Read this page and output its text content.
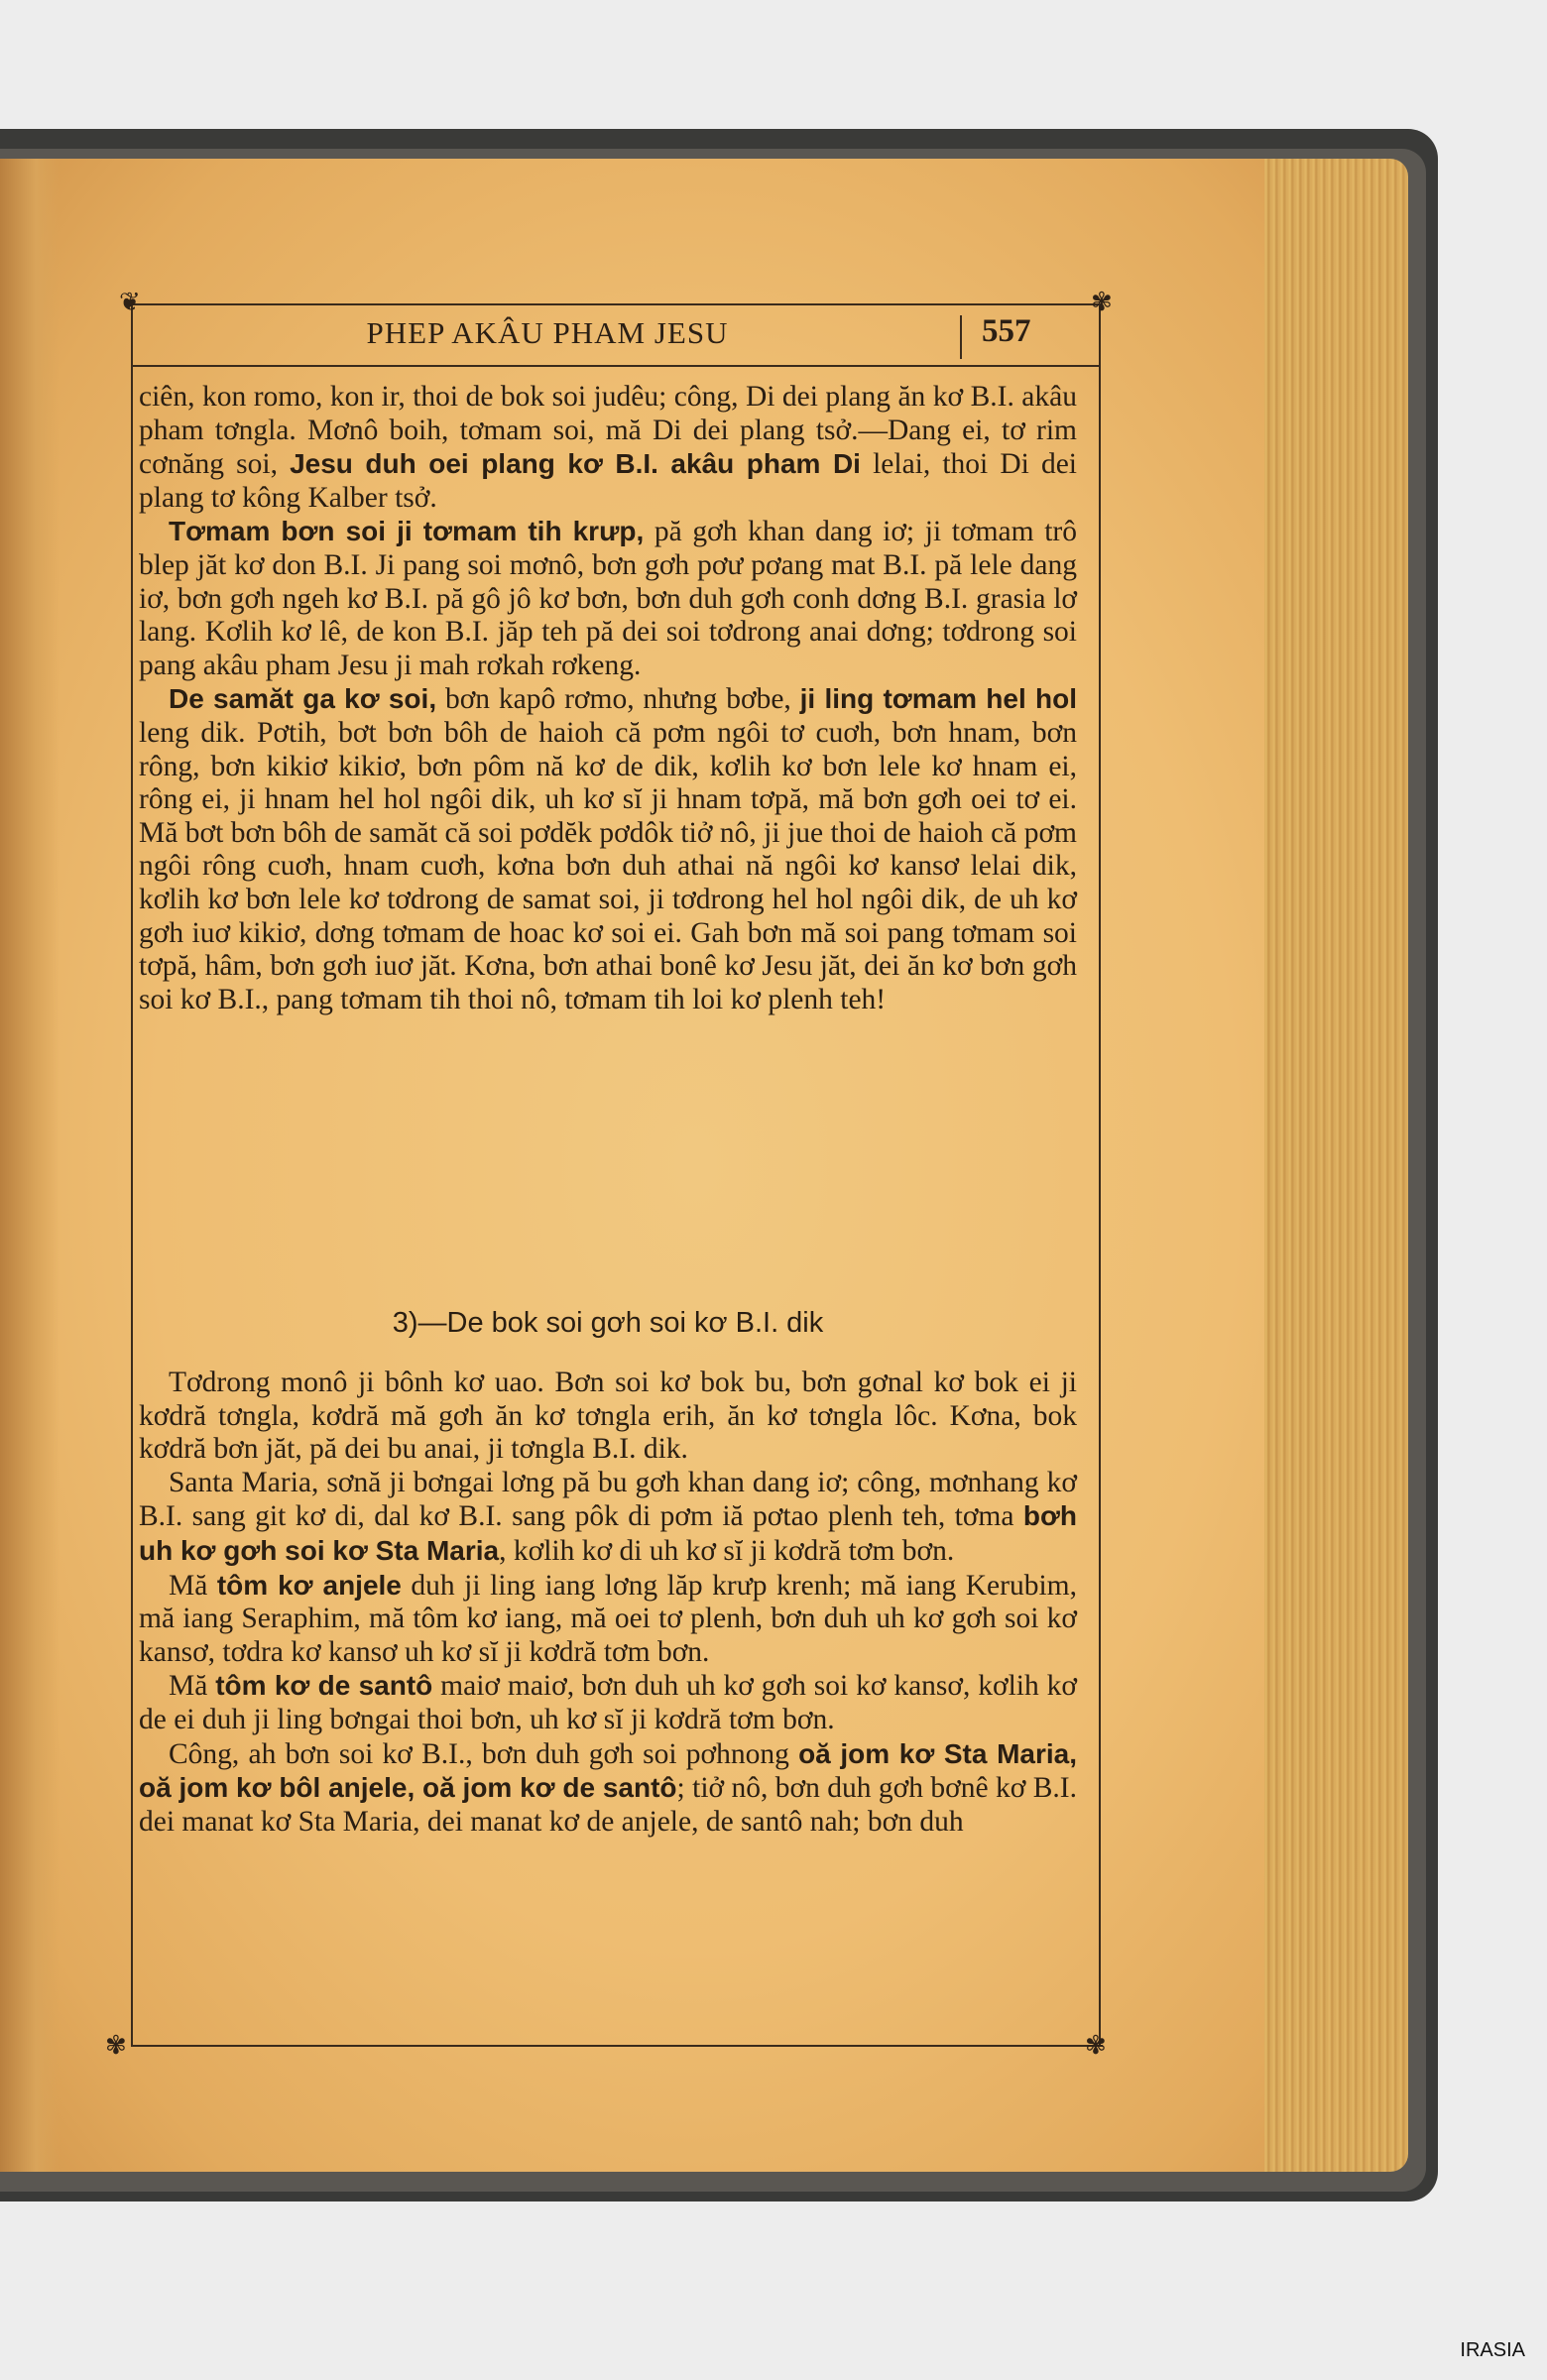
❦	✾
✾	✾
PHEP AKÂU PHAM JESU	557

ciên, kon romo, kon ir, thoi de bok soi judêu; công, Di dei plang ăn kơ B.I. akâu pham tơngla. Mơnô boih, tơmam soi, mă Di dei plang tsở.—Dang ei, tơ rim cơnăng soi, Jesu duh oei plang kơ B.I. akâu pham Di lelai, thoi Di dei plang tơ kông Kalber tsở.

Tơmam bơn soi ji tơmam tih krưp, pă gơh khan dang iơ; ji tơmam trô blep jăt kơ don B.I. Ji pang soi mơnô, bơn gơh pơư pơang mat B.I. pă lele dang iơ, bơn gơh ngeh kơ B.I. pă gô jô kơ bơn, bơn duh gơh conh dơng B.I. grasia lơ lang. Kơlih kơ lê, de kon B.I. jăp teh pă dei soi tơdrong anai dơng; tơdrong soi pang akâu pham Jesu ji mah rơkah rơkeng.

De samăt ga kơ soi, bơn kapô rơmo, nhưng bơbe, ji ling tơmam hel hol leng dik. Pơtih, bơt bơn bôh de haioh că pơm ngôi tơ cuơh, bơn hnam, bơn rông, bơn kikiơ kikiơ, bơn pôm nă kơ de dik, kơlih kơ bơn lele kơ hnam ei, rông ei, ji hnam hel hol ngôi dik, uh kơ sĭ ji hnam tơpă, mă bơn gơh oei tơ ei. Mă bơt bơn bôh de samăt că soi pơdĕk pơdôk tiở nô, ji jue thoi de haioh că pơm ngôi rông cuơh, hnam cuơh, kơna bơn duh athai nă ngôi kơ kansơ lelai dik, kơlih kơ bơn lele kơ tơdrong de samat soi, ji tơdrong hel hol ngôi dik, de uh kơ gơh iuơ kikiơ, dơng tơmam de hoac kơ soi ei. Gah bơn mă soi pang tơmam soi tơpă, hâm, bơn gơh iuơ jăt. Kơna, bơn athai bonê kơ Jesu jăt, dei ăn kơ bơn gơh soi kơ B.I., pang tơmam tih thoi nô, tơmam tih loi kơ plenh teh!

3)—De bok soi gơh soi kơ B.I. dik

Tơdrong monô ji bônh kơ uao. Bơn soi kơ bok bu, bơn gơnal kơ bok ei ji kơdră tơngla, kơdră mă gơh ăn kơ tơngla erih, ăn kơ tơngla lôc. Kơna, bok kơdră bơn jăt, pă dei bu anai, ji tơngla B.I. dik.

Santa Maria, sơnă ji bơngai lơng pă bu gơh khan dang iơ; công, mơnhang kơ B.I. sang git kơ di, dal kơ B.I. sang pôk di pơm iă pơtao plenh teh, tơma bơh uh kơ gơh soi kơ Sta Maria, kơlih kơ di uh kơ sĭ ji kơdră tơm bơn.

Mă tôm kơ anjele duh ji ling iang lơng lăp krưp krenh; mă iang Kerubim, mă iang Seraphim, mă tôm kơ iang, mă oei tơ plenh, bơn duh uh kơ gơh soi kơ kansơ, tơdra kơ kansơ uh kơ sĭ ji kơdră tơm bơn.

Mă tôm kơ de santô maiơ maiơ, bơn duh uh kơ gơh soi kơ kansơ, kơlih kơ de ei duh ji ling bơngai thoi bơn, uh kơ sĭ ji kơdră tơm bơn.

Công, ah bơn soi kơ B.I., bơn duh gơh soi pơhnong oă jom kơ Sta Maria, oă jom kơ bôl anjele, oă jom kơ de santô; tiở nô, bơn duh gơh bơnê kơ B.I. dei manat kơ Sta Maria, dei manat kơ de anjele, de santô nah; bơn duh

IRASIA
